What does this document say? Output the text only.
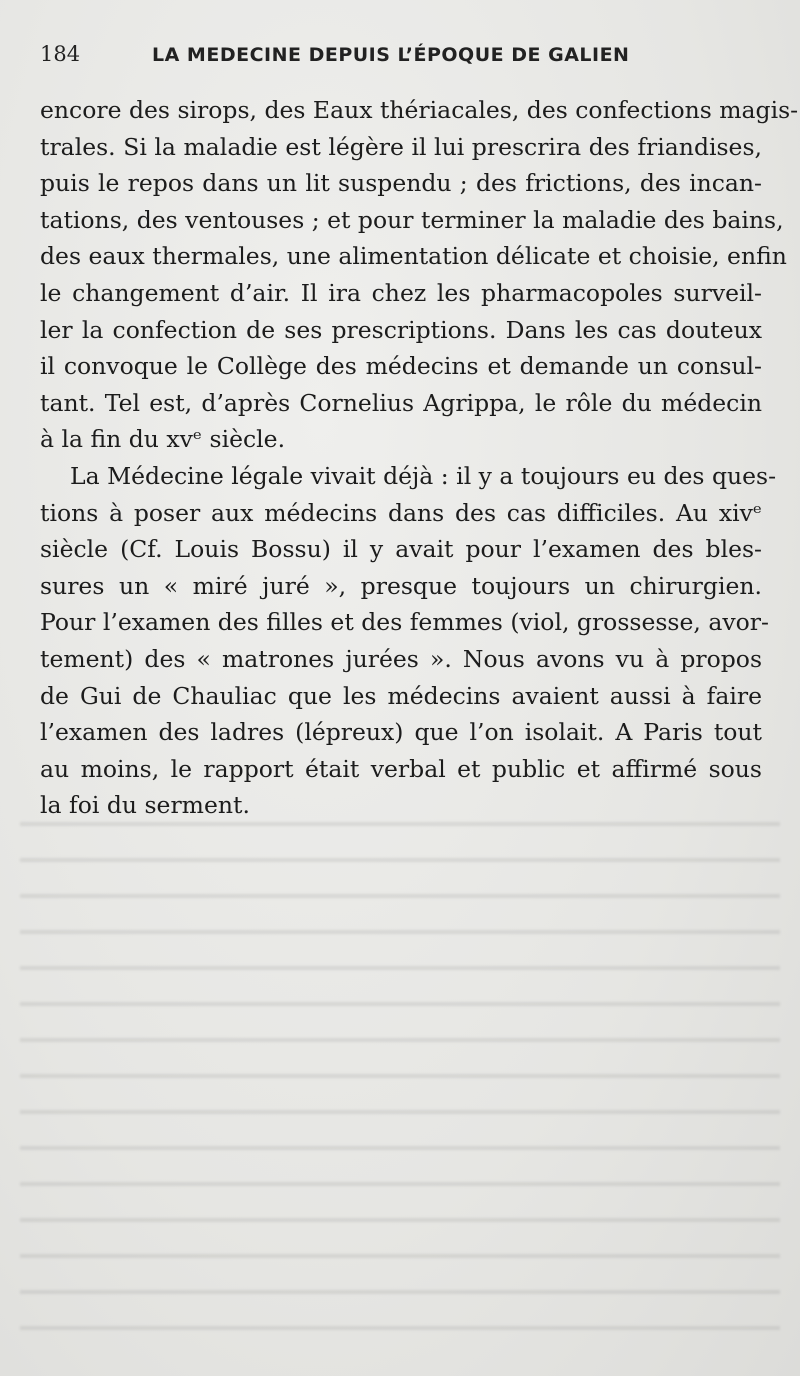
184	LA MEDECINE DEPUIS L’ÉPOQUE DE GALIEN
encore des sirops, des Eaux thériacales, des confections magis-
trales. Si la maladie est légère il lui prescrira des friandises,
puis le repos dans un lit suspendu ; des frictions, des incan-
tations, des ventouses ; et pour terminer la maladie des bains,
des eaux thermales, une alimentation délicate et choisie, enfin
le changement d’air. Il ira chez les pharmacopoles surveil-
ler la confection de ses prescriptions. Dans les cas douteux
il convoque le Collège des médecins et demande un consul-
tant. Tel est, d’après Cornelius Agrippa, le rôle du médecin
à la fin du xvᵉ siècle.
La Médecine légale vivait déjà : il y a toujours eu des ques-
tions à poser aux médecins dans des cas difficiles. Au xivᵉ
siècle (Cf. Louis Bossu) il y avait pour l’examen des bles-
sures un « miré juré », presque toujours un chirurgien.
Pour l’examen des filles et des femmes (viol, grossesse, avor-
tement) des « matrones jurées ». Nous avons vu à propos
de Gui de Chauliac que les médecins avaient aussi à faire
l’examen des ladres (lépreux) que l’on isolait. A Paris tout
au moins, le rapport était verbal et public et affirmé sous
la foi du serment.
